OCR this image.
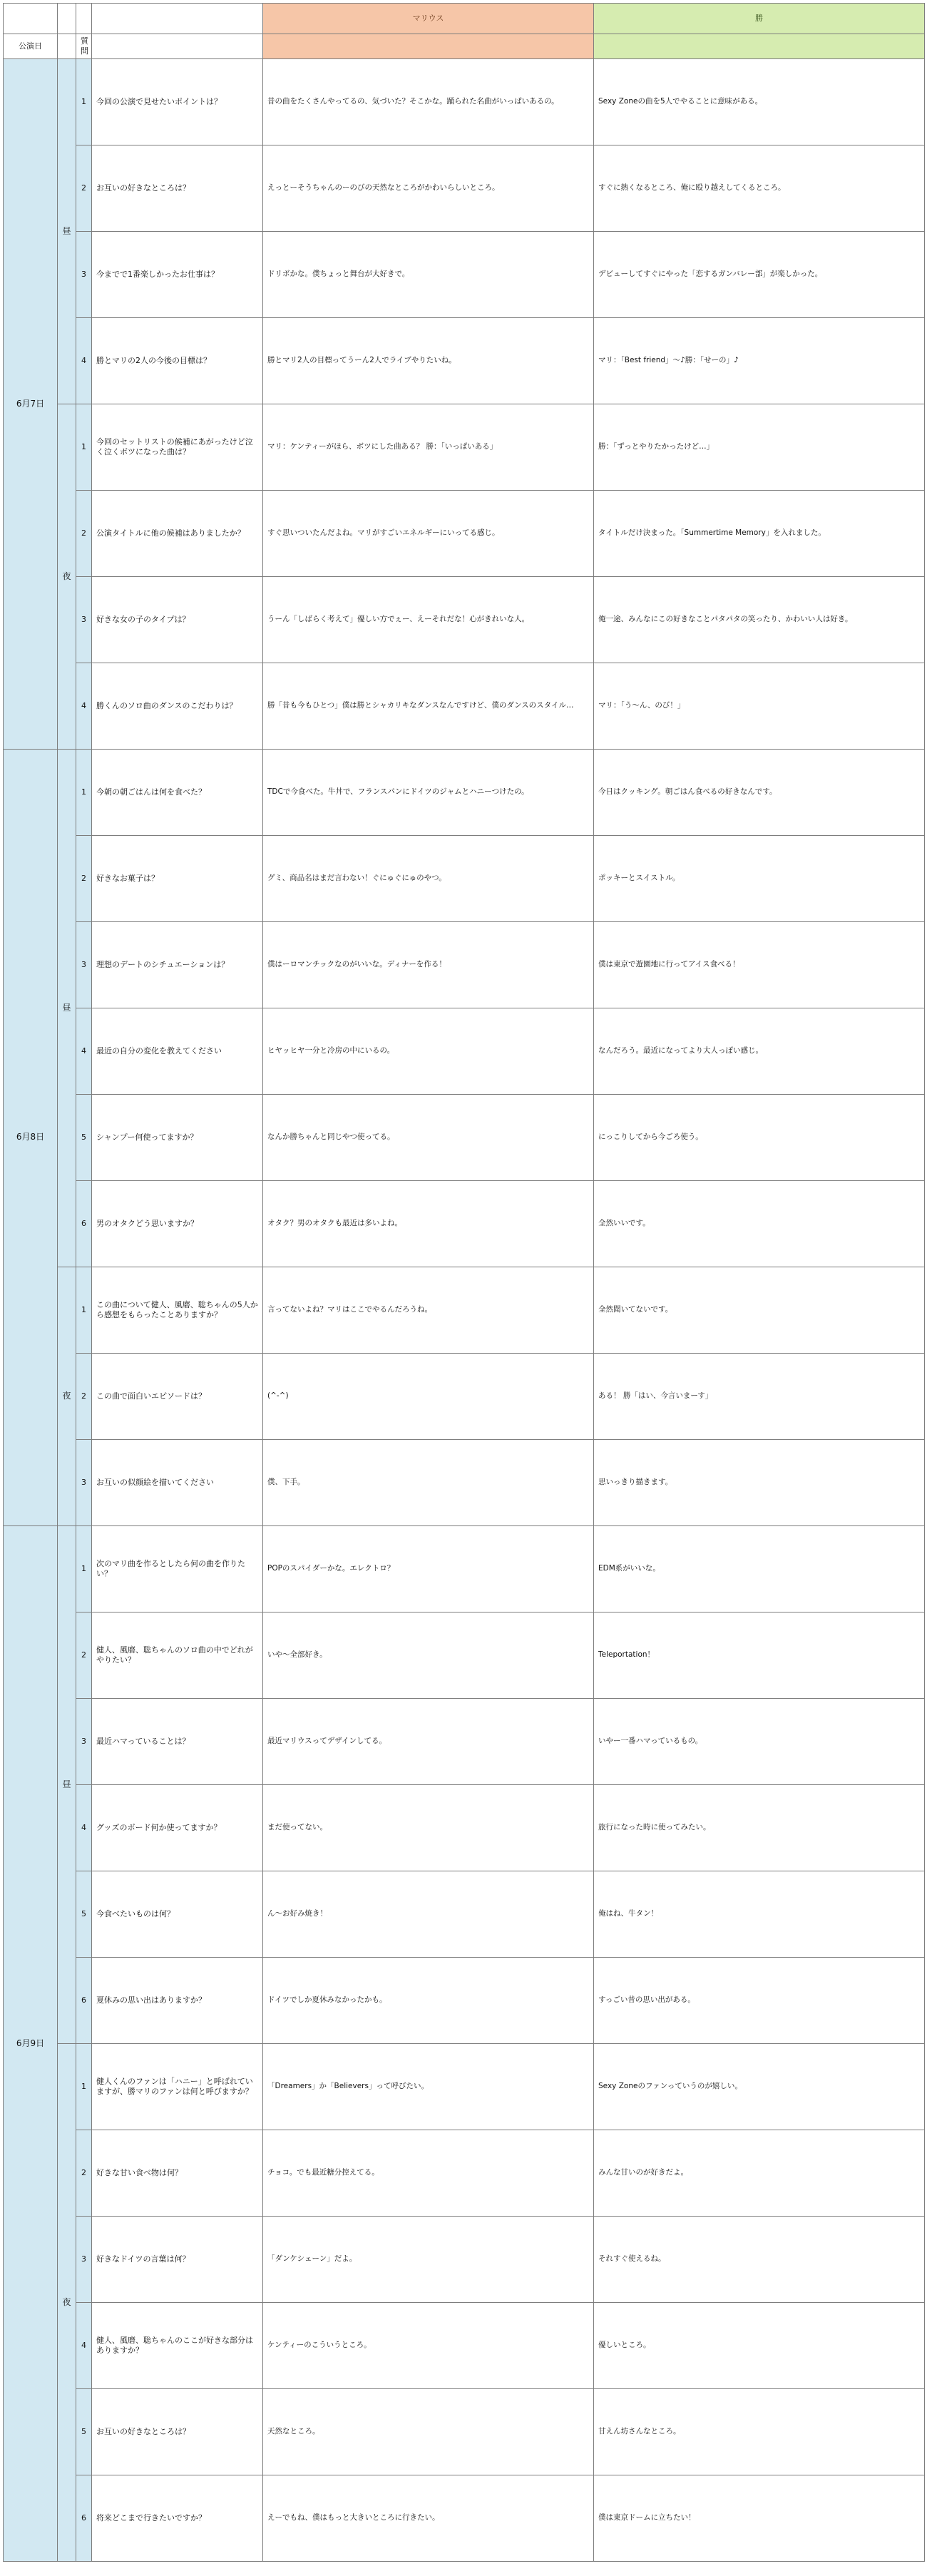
				マリウス	勝
公演日		質問			
6月7日	昼	1	今回の公演で見せたいポイントは？	昔の曲をたくさんやってるの、気づいた？そこかな。踊られた名曲がいっぱいあるの。	Sexy Zoneの曲を5人でやることに意味がある。
		2	お互いの好きなところは？	えっとーそうちゃんのーのびの天然なところがかわいらしいところ。	すぐに熱くなるところ、俺に殴り越えしてくるところ。
		3	今までで1番楽しかったお仕事は？	ドリボかな。僕ちょっと舞台が大好きで。	デビューしてすぐにやった「恋するガンバレー部」が楽しかった。
		4	勝とマリの2人の今後の目標は？	勝とマリ2人の目標ってうーん2人でライブやりたいね。	マリ：「Best friend」〜♪勝：「せーの」♪
	夜	1	今回のセットリストの候補にあがったけど泣く泣くボツになった曲は？	マリ：ケンティーがほら、ボツにした曲ある？ 勝：「いっぱいある」	勝：「ずっとやりたかったけど…」
		2	公演タイトルに他の候補はありましたか？	すぐ思いついたんだよね。マリがすごいエネルギーにいってる感じ。	タイトルだけ決まった。「Summertime Memory」を入れました。
		3	好きな女の子のタイプは？	うーん「しばらく考えて」優しい方でぇー、えーそれだな！心がきれいな人。	俺一途、みんなにこの好きなことパタパタの笑ったり、かわいい人は好き。
		4	勝くんのソロ曲のダンスのこだわりは？	勝「昔も今もひとつ」僕は勝とシャカリキなダンスなんですけど、僕のダンスのスタイル…	マリ：「う〜ん、のび！」
6月8日	昼	1	今朝の朝ごはんは何を食べた？	TDCで今食べた。牛丼で、フランスパンにドイツのジャムとハニーつけたの。	今日はクッキング。朝ごはん食べるの好きなんです。
		2	好きなお菓子は？	グミ、商品名はまだ言わない！ぐにゅぐにゅのやつ。	ポッキーとスイストル。
		3	理想のデートのシチュエーションは？	僕はーロマンチックなのがいいな。ディナーを作る！	僕は東京で遊園地に行ってアイス食べる！
		4	最近の自分の変化を教えてください	ヒヤッヒヤ一分と冷房の中にいるの。	なんだろう。最近になってより大人っぽい感じ。
		5	シャンプー何使ってますか？	なんか勝ちゃんと同じやつ使ってる。	にっこりしてから今ごろ使う。
		6	男のオタクどう思いますか？	オタク？男のオタクも最近は多いよね。	全然いいです。
	夜	1	この曲について健人、風磨、聡ちゃんの5人から感想をもらったことありますか？	言ってないよね？マリはここでやるんだろうね。	全然聞いてないです。
		2	この曲で面白いエピソードは？	(^-^)	ある！ 勝「はい、今言いまーす」
		3	お互いの似顔絵を描いてください	僕、下手。	思いっきり描きます。
6月9日	昼	1	次のマリ曲を作るとしたら何の曲を作りたい？	POPのスパイダーかな。エレクトロ？	EDM系がいいな。
		2	健人、風磨、聡ちゃんのソロ曲の中でどれがやりたい？	いや〜全部好き。	Teleportation！
		3	最近ハマっていることは？	最近マリウスってデザインしてる。	いやー一番ハマっているもの。
		4	グッズのボード何か使ってますか？	まだ使ってない。	旅行になった時に使ってみたい。
		5	今食べたいものは何？	ん〜お好み焼き！	俺はね、牛タン！
		6	夏休みの思い出はありますか？	ドイツでしか夏休みなかったかも。	すっごい昔の思い出がある。
	夜	1	健人くんのファンは「ハニー」と呼ばれていますが、勝マリのファンは何と呼びますか？	「Dreamers」か「Believers」って呼びたい。	Sexy Zoneのファンっていうのが嬉しい。
		2	好きな甘い食べ物は何？	チョコ。でも最近糖分控えてる。	みんな甘いのが好きだよ。
		3	好きなドイツの言葉は何？	「ダンケシェーン」だよ。	それすぐ使えるね。
		4	健人、風磨、聡ちゃんのここが好きな部分はありますか？	ケンティーのこういうところ。	優しいところ。
		5	お互いの好きなところは？	天然なところ。	甘えん坊さんなところ。
		6	将来どこまで行きたいですか？	えーでもね、僕はもっと大きいところに行きたい。	僕は東京ドームに立ちたい！
